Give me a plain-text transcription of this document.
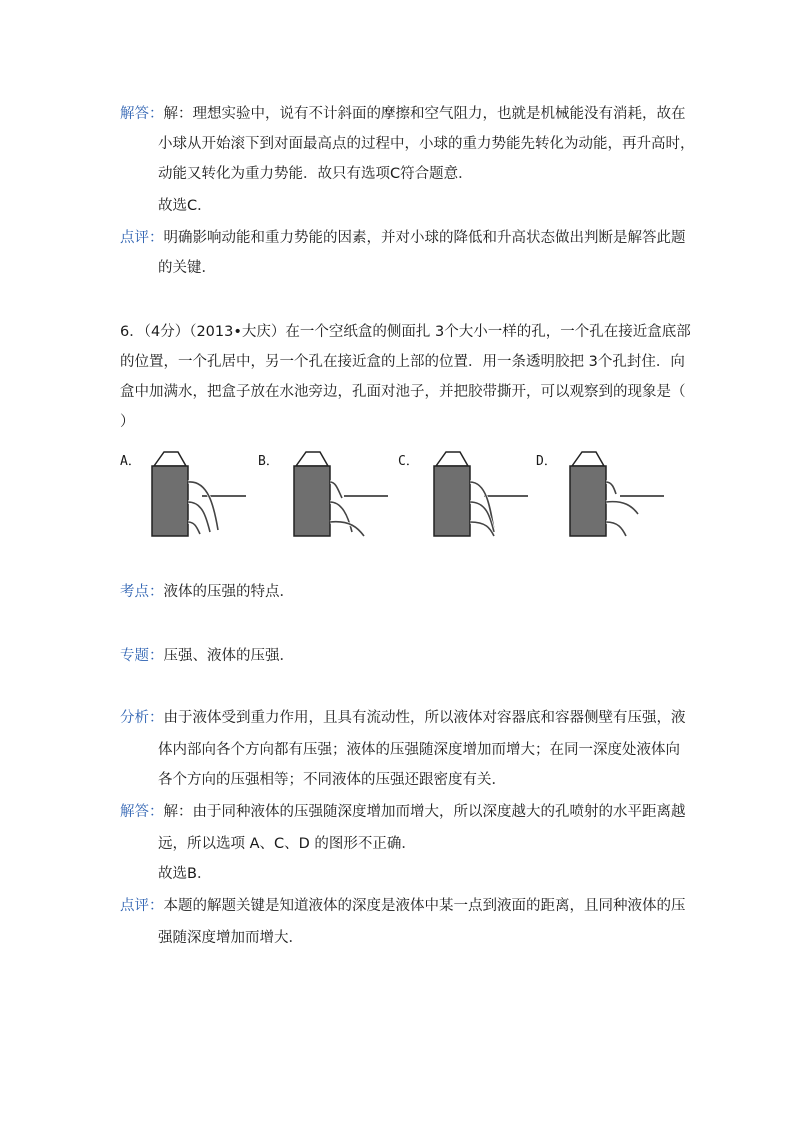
解答：解：理想实验中，说有不计斜面的摩擦和空气阻力，也就是机械能没有消耗，故在
小球从开始滚下到对面最高点的过程中，小球的重力势能先转化为动能，再升高时，
动能又转化为重力势能．故只有选项C符合题意．
故选C．
点评：明确影响动能和重力势能的因素，并对小球的降低和升高状态做出判断是解答此题
的关键．
6．（4分）（2013•大庆）在一个空纸盒的侧面扎 3个大小一样的孔，一个孔在接近盒底部
的位置，一个孔居中，另一个孔在接近盒的上部的位置．用一条透明胶把 3个孔封住．向
盒中加满水，把盒子放在水池旁边，孔面对池子，并把胶带撕开，可以观察到的现象是（
）
A．	B．	C．	D．
考点：液体的压强的特点．
专题：压强、液体的压强．
分析：由于液体受到重力作用，且具有流动性，所以液体对容器底和容器侧壁有压强，液
体内部向各个方向都有压强；液体的压强随深度增加而增大；在同一深度处液体向
各个方向的压强相等；不同液体的压强还跟密度有关．
解答：解：由于同种液体的压强随深度增加而增大，所以深度越大的孔喷射的水平距离越
远，所以选项 A、C、D 的图形不正确．
故选B．
点评：本题的解题关键是知道液体的深度是液体中某一点到液面的距离，且同种液体的压
强随深度增加而增大．
